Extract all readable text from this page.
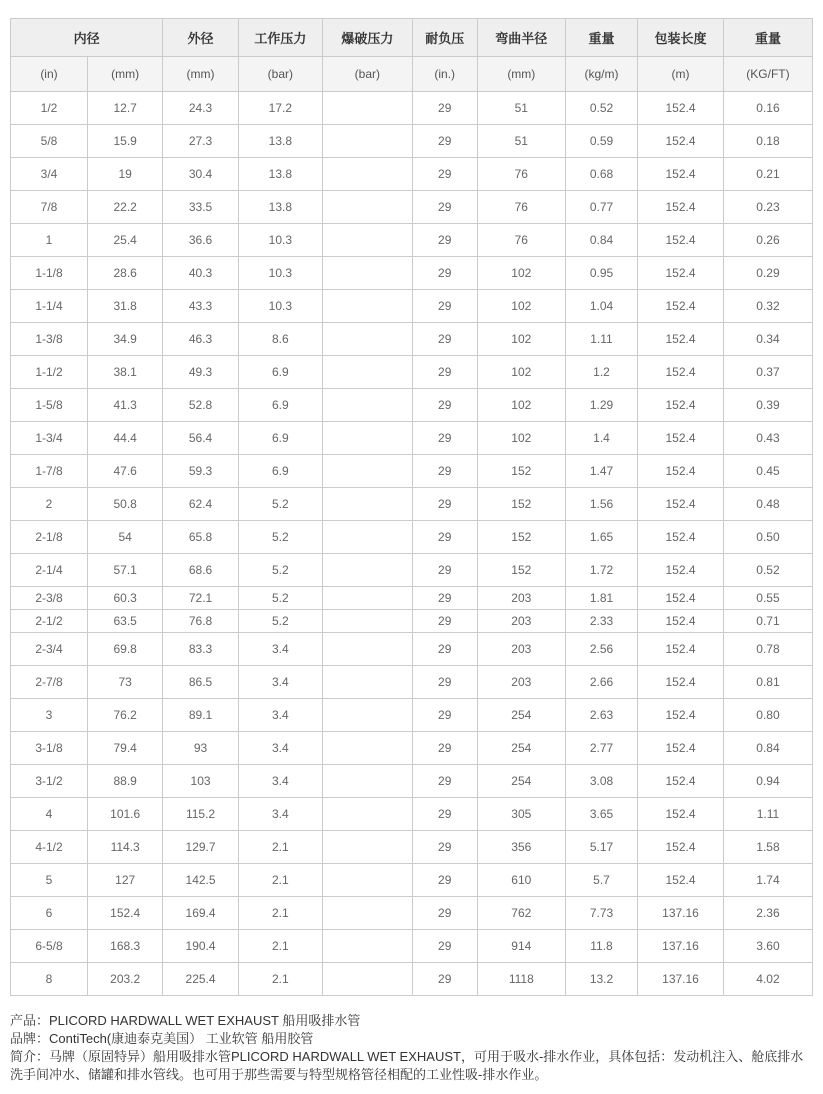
内径		外径	工作压力	爆破压力	耐负压	弯曲半径	重量	包装长度	重量
(in)	(mm)	(mm)	(bar)	(bar)	(in.)	(mm)	(kg/m)	(m)	(KG/FT)
1/2	12.7	24.3	17.2		29	51	0.52	152.4	0.16
5/8	15.9	27.3	13.8		29	51	0.59	152.4	0.18
3/4	19	30.4	13.8		29	76	0.68	152.4	0.21
7/8	22.2	33.5	13.8		29	76	0.77	152.4	0.23
1	25.4	36.6	10.3		29	76	0.84	152.4	0.26
1-1/8	28.6	40.3	10.3		29	102	0.95	152.4	0.29
1-1/4	31.8	43.3	10.3		29	102	1.04	152.4	0.32
1-3/8	34.9	46.3	8.6		29	102	1.11	152.4	0.34
1-1/2	38.1	49.3	6.9		29	102	1.2	152.4	0.37
1-5/8	41.3	52.8	6.9		29	102	1.29	152.4	0.39
1-3/4	44.4	56.4	6.9		29	102	1.4	152.4	0.43
1-7/8	47.6	59.3	6.9		29	152	1.47	152.4	0.45
2	50.8	62.4	5.2		29	152	1.56	152.4	0.48
2-1/8	54	65.8	5.2		29	152	1.65	152.4	0.50
2-1/4	57.1	68.6	5.2		29	152	1.72	152.4	0.52
2-3/8	60.3	72.1	5.2		29	203	1.81	152.4	0.55
2-1/2	63.5	76.8	5.2		29	203	2.33	152.4	0.71
2-3/4	69.8	83.3	3.4		29	203	2.56	152.4	0.78
2-7/8	73	86.5	3.4		29	203	2.66	152.4	0.81
3	76.2	89.1	3.4		29	254	2.63	152.4	0.80
3-1/8	79.4	93	3.4		29	254	2.77	152.4	0.84
3-1/2	88.9	103	3.4		29	254	3.08	152.4	0.94
4	101.6	115.2	3.4		29	305	3.65	152.4	1.11
4-1/2	114.3	129.7	2.1		29	356	5.17	152.4	1.58
5	127	142.5	2.1		29	610	5.7	152.4	1.74
6	152.4	169.4	2.1		29	762	7.73	137.16	2.36
6-5/8	168.3	190.4	2.1		29	914	11.8	137.16	3.60
8	203.2	225.4	2.1		29	1118	13.2	137.16	4.02

产品：PLICORD HARDWALL WET EXHAUST 船用吸排水管

品牌：ContiTech(康迪泰克美国） 工业软管 船用胶管

简介：马牌（原固特异）船用吸排水管PLICORD HARDWALL WET EXHAUST，可用于吸水-排水作业，具体包括：发动机注入、舱底排水洗手间冲水、储罐和排水管线。也可用于那些需要与特型规格管径相配的工业性吸-排水作业。
